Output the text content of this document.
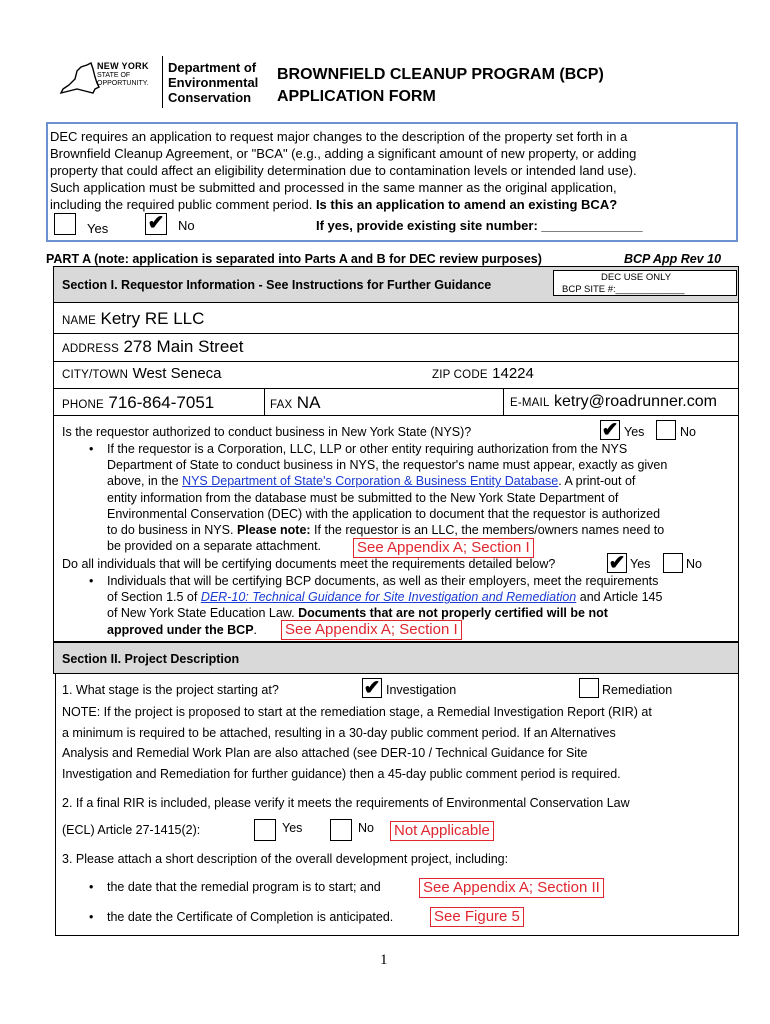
NEW YORK
STATE OF
OPPORTUNITY.
Department of
Environmental
Conservation
BROWNFIELD CLEANUP PROGRAM (BCP)
APPLICATION FORM
DEC requires an application to request major changes to the description of the property set forth in a
Brownfield Cleanup Agreement, or "BCA" (e.g., adding a significant amount of new property, or adding
property that could affect an eligibility determination due to contamination levels or intended land use).
Such application must be submitted and processed in the same manner as the original application,
including the required public comment period. Is this an application to amend an existing BCA?
Yes ✔ No	If yes, provide existing site number: ______________
PART A (note: application is separated into Parts A and B for DEC review purposes)	BCP App Rev 10
Section I. Requestor Information - See Instructions for Further Guidance
DEC USE ONLY
BCP SITE #:_____________
NAME Ketry RE LLC
ADDRESS 278 Main Street
CITY/TOWN West Seneca	ZIP CODE 14224
PHONE 716-864-7051	FAX NA	E-MAIL ketry@roadrunner.com
Is the requestor authorized to conduct business in New York State (NYS)?	✔ Yes	No
• If the requestor is a Corporation, LLC, LLP or other entity requiring authorization from the NYS
Department of State to conduct business in NYS, the requestor's name must appear, exactly as given
above, in the NYS Department of State's Corporation & Business Entity Database. A print-out of
entity information from the database must be submitted to the New York State Department of
Environmental Conservation (DEC) with the application to document that the requestor is authorized
to do business in NYS. Please note: If the requestor is an LLC, the members/owners names need to
be provided on a separate attachment.	See Appendix A; Section I
Do all individuals that will be certifying documents meet the requirements detailed below?	✔ Yes	No
• Individuals that will be certifying BCP documents, as well as their employers, meet the requirements
of Section 1.5 of DER-10: Technical Guidance for Site Investigation and Remediation and Article 145
of New York State Education Law. Documents that are not properly certified will be not
approved under the BCP.	See Appendix A; Section I
Section II. Project Description
1. What stage is the project starting at?	✔ Investigation	Remediation
NOTE: If the project is proposed to start at the remediation stage, a Remedial Investigation Report (RIR) at
a minimum is required to be attached, resulting in a 30-day public comment period. If an Alternatives
Analysis and Remedial Work Plan are also attached (see DER-10 / Technical Guidance for Site
Investigation and Remediation for further guidance) then a 45-day public comment period is required.
2. If a final RIR is included, please verify it meets the requirements of Environmental Conservation Law
(ECL) Article 27-1415(2):	Yes	No Not Applicable
3. Please attach a short description of the overall development project, including:
• the date that the remedial program is to start; and	See Appendix A; Section II
• the date the Certificate of Completion is anticipated.	See Figure 5
1
